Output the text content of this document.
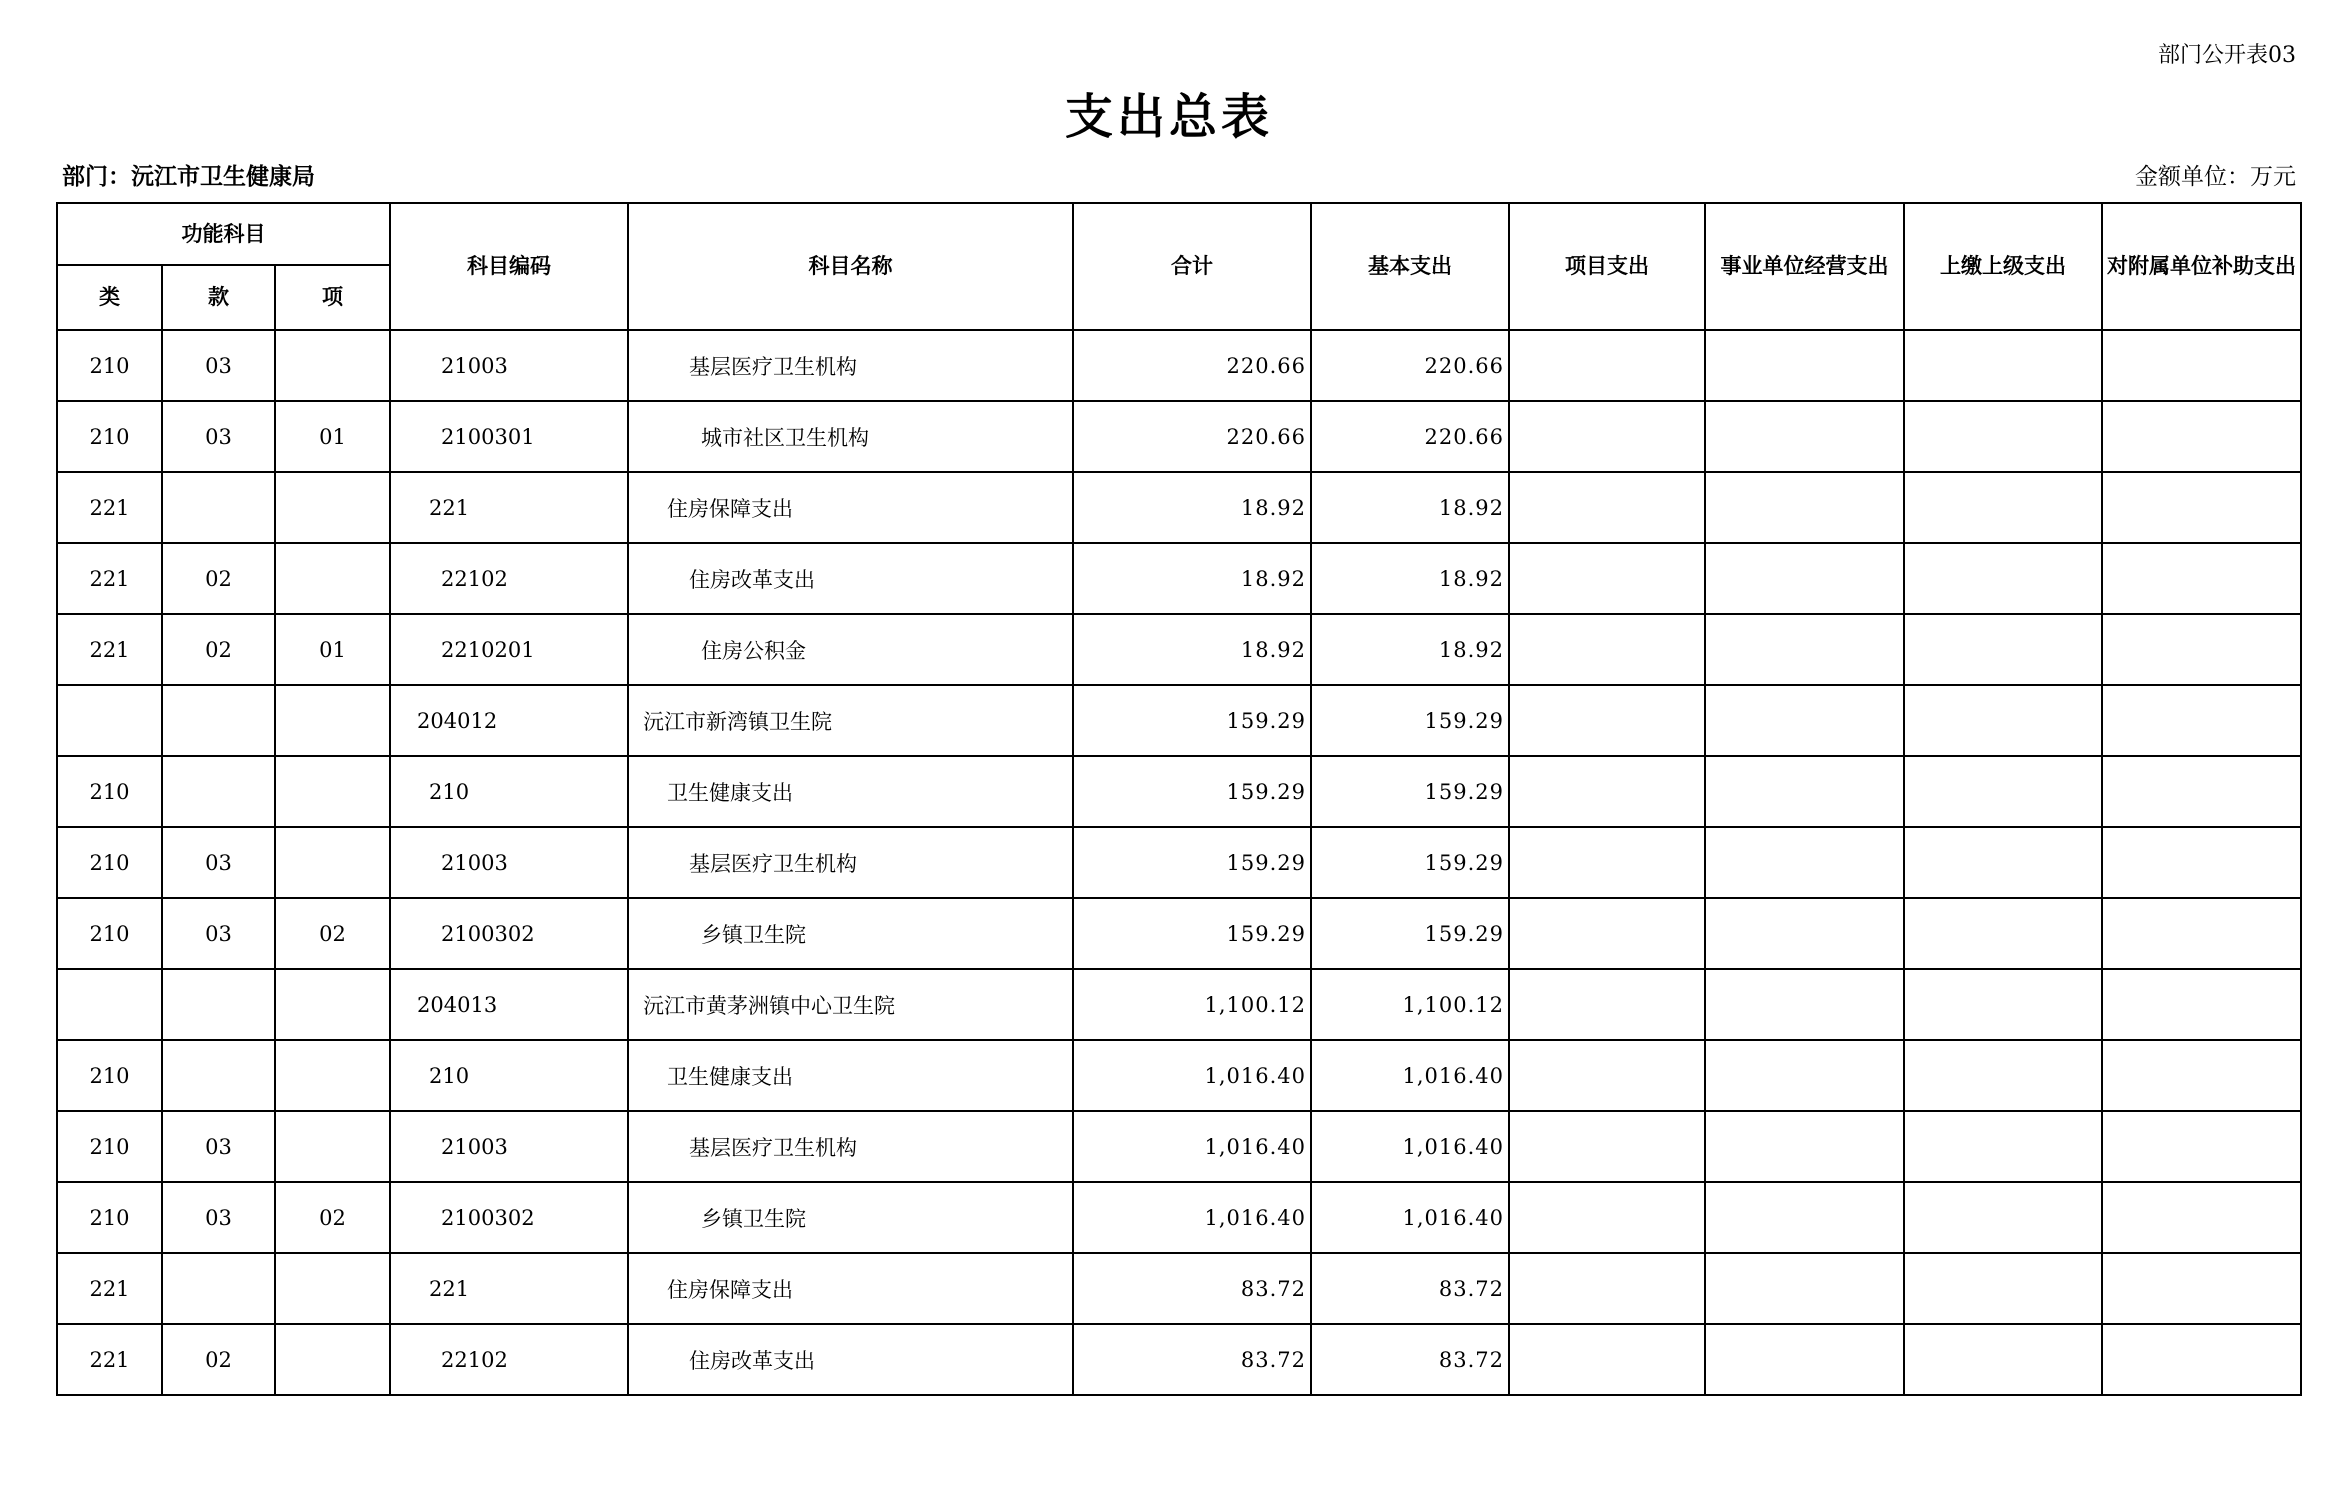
部门公开表03
支出总表
部门：沅江市卫生健康局	金额单位：万元
功能科目			科目编码	科目名称	合计	基本支出	项目支出	事业单位经营支出	上缴上级支出	对附属单位补助支出
类	款	项								
210	03		21003	基层医疗卫生机构	220.66	220.66				
210	03	01	2100301	城市社区卫生机构	220.66	220.66				
221			221	住房保障支出	18.92	18.92				
221	02		22102	住房改革支出	18.92	18.92				
221	02	01	2210201	住房公积金	18.92	18.92				
			204012	沅江市新湾镇卫生院	159.29	159.29				
210			210	卫生健康支出	159.29	159.29				
210	03		21003	基层医疗卫生机构	159.29	159.29				
210	03	02	2100302	乡镇卫生院	159.29	159.29				
			204013	沅江市黄茅洲镇中心卫生院	1,100.12	1,100.12				
210			210	卫生健康支出	1,016.40	1,016.40				
210	03		21003	基层医疗卫生机构	1,016.40	1,016.40				
210	03	02	2100302	乡镇卫生院	1,016.40	1,016.40				
221			221	住房保障支出	83.72	83.72				
221	02		22102	住房改革支出	83.72	83.72				
